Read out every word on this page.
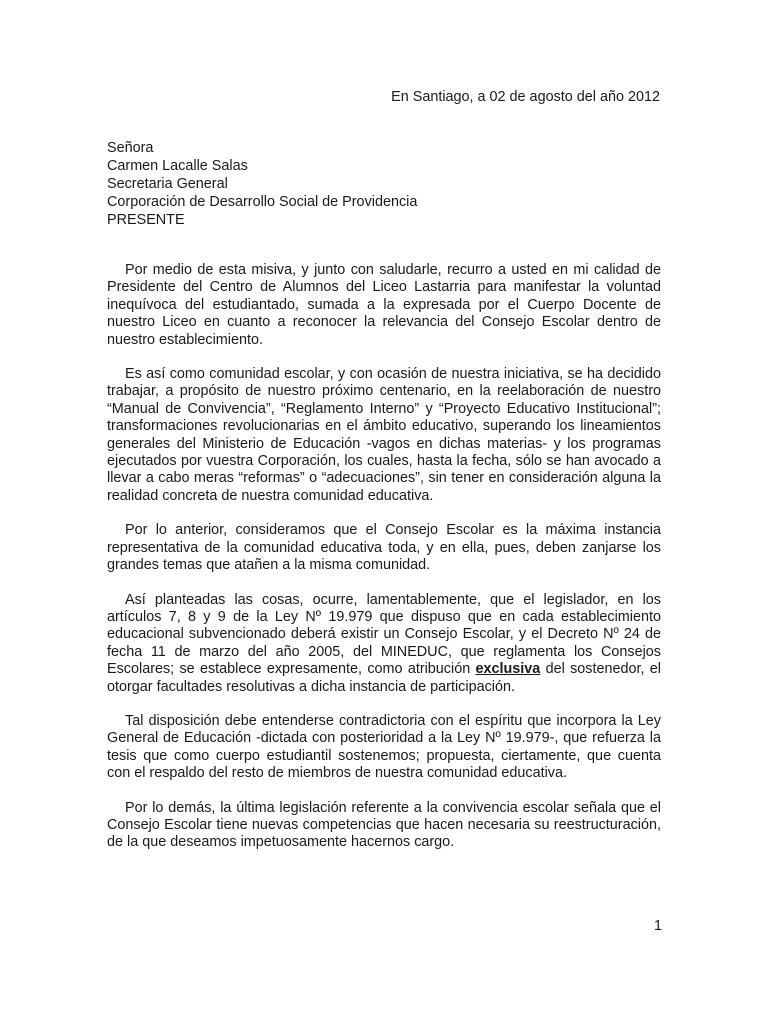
En Santiago, a 02 de agosto del año 2012
Señora
Carmen Lacalle Salas
Secretaria General
Corporación de Desarrollo Social de Providencia
PRESENTE

Por medio de esta misiva, y junto con saludarle, recurro a usted en mi calidad de Presidente del Centro de Alumnos del Liceo Lastarria para manifestar la voluntad inequívoca del estudiantado, sumada a la expresada por el Cuerpo Docente de nuestro Liceo en cuanto a reconocer la relevancia del Consejo Escolar dentro de nuestro establecimiento.

Es así como comunidad escolar, y con ocasión de nuestra iniciativa, se ha decidido trabajar, a propósito de nuestro próximo centenario, en la reelaboración de nuestro “Manual de Convivencia”, “Reglamento Interno” y “Proyecto Educativo Institucional”; transformaciones revolucionarias en el ámbito educativo, superando los lineamientos generales del Ministerio de Educación -vagos en dichas materias- y los programas ejecutados por vuestra Corporación, los cuales, hasta la fecha, sólo se han avocado a llevar a cabo meras “reformas” o “adecuaciones”, sin tener en consideración alguna la realidad concreta de nuestra comunidad educativa.

Por lo anterior, consideramos que el Consejo Escolar es la máxima instancia representativa de la comunidad educativa toda, y en ella, pues, deben zanjarse los grandes temas que atañen a la misma comunidad.

Así planteadas las cosas, ocurre, lamentablemente, que el legislador, en los artículos 7, 8 y 9 de la Ley Nº 19.979 que dispuso que en cada establecimiento educacional subvencionado deberá existir un Consejo Escolar, y el Decreto Nº 24 de fecha 11 de marzo del año 2005, del MINEDUC, que reglamenta los Consejos Escolares; se establece expresamente, como atribución exclusiva del sostenedor, el otorgar facultades resolutivas a dicha instancia de participación.

Tal disposición debe entenderse contradictoria con el espíritu que incorpora la Ley General de Educación -dictada con posterioridad a la Ley Nº 19.979-, que refuerza la tesis que como cuerpo estudiantil sostenemos; propuesta, ciertamente, que cuenta con el respaldo del resto de miembros de nuestra comunidad educativa.

Por lo demás, la última legislación referente a la convivencia escolar señala que el Consejo Escolar tiene nuevas competencias que hacen necesaria su reestructuración, de la que deseamos impetuosamente hacernos cargo.

1
